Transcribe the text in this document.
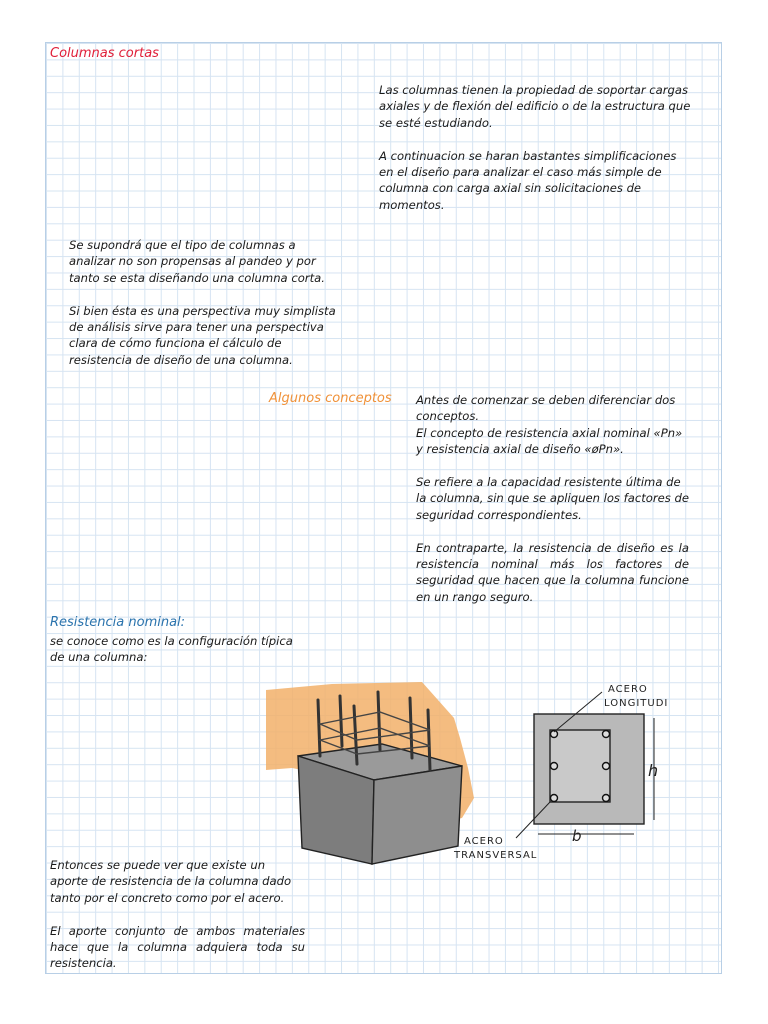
Columnas cortas

Las columnas tienen la propiedad de soportar cargas axiales y de flexión del edificio o de la estructura que se esté estudiando.
A continuacion se haran bastantes simplificaciones en el diseño para analizar el caso más simple de columna con carga axial sin solicitaciones de momentos.

Se supondrá que el tipo de columnas a analizar no son propensas al pandeo y por tanto se esta diseñando una columna corta.
Si bien ésta es una perspectiva muy simplista de análisis sirve para tener una perspectiva clara de cómo funciona el cálculo de resistencia de diseño de una columna.

Algunos conceptos Antes de comenzar se deben diferenciar dos conceptos.
El concepto de resistencia axial nominal «Pn» y resistencia axial de diseño «øPn».
Se refiere a la capacidad resistente última de la columna, sin que se apliquen los factores de seguridad correspondientes.
En contraparte, la resistencia de diseño es la resistencia nominal más los factores de seguridad que hacen que la columna funcione en un rango seguro.

Resistencia nominal:

se conoce como es la configuración típica de una columna:

Entonces se puede ver que existe un aporte de resistencia de la columna dado tanto por el concreto como por el acero.
El aporte conjunto de ambos materiales hace que la columna adquiera toda su resistencia.

h
b
ACERO
LONGITUDI
ACERO
TRANSVERSAL
